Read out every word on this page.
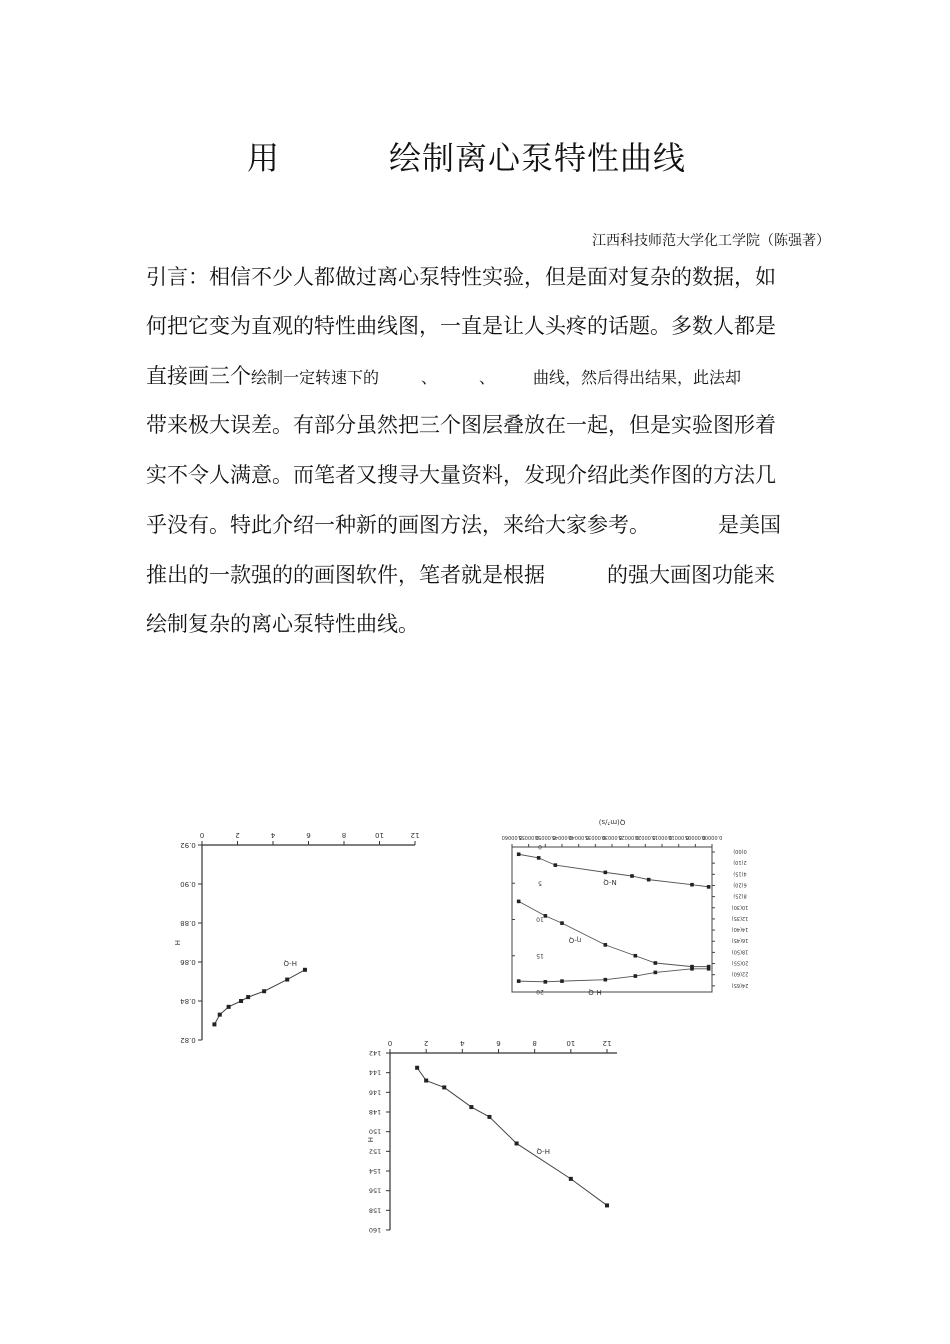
用	绘制离心泵特性曲线
江西科技师范大学化工学院（陈强著）
引言：相信不少人都做过离心泵特性实验，但是面对复杂的数据，如
何把它变为直观的特性曲线图，一直是让人头疼的话题。多数人都是
直接画三个绘制一定转速下的	、	、 曲线，然后得出结果，此法却
带来极大误差。有部分虽然把三个图层叠放在一起，但是实验图形着
实不令人满意。而笔者又搜寻大量资料，发现介绍此类作图的方法几
乎没有。特此介绍一种新的画图方法，来给大家参考。	是美国
推出的一款强的的画图软件，笔者就是根据	的强大画图功能来
绘制复杂的离心泵特性曲线。
0	2	4	6	8	10	12
0.82
0.84
0.86
0.88
0.90
0.92
H
H-Q
Q(m³/s)
0.00000
0.00005
0.00010
0.00015
0.00020
0.00025
0.00030
0.00035
0.00040
0.00045
0.00050
0.00055
0.00060
0
5
10
15
20
0(00)
2(10)
4(15)
6(20)
8(25)
10(30)
12(35)
14(40)
16(45)
18(50)
20(55)
22(60)
24(65)
N-Q
η-Q
H-Q
0	2	4	6	8	10	12
142
144
146
148
150
152
154
156
158
160
H
H-Q
